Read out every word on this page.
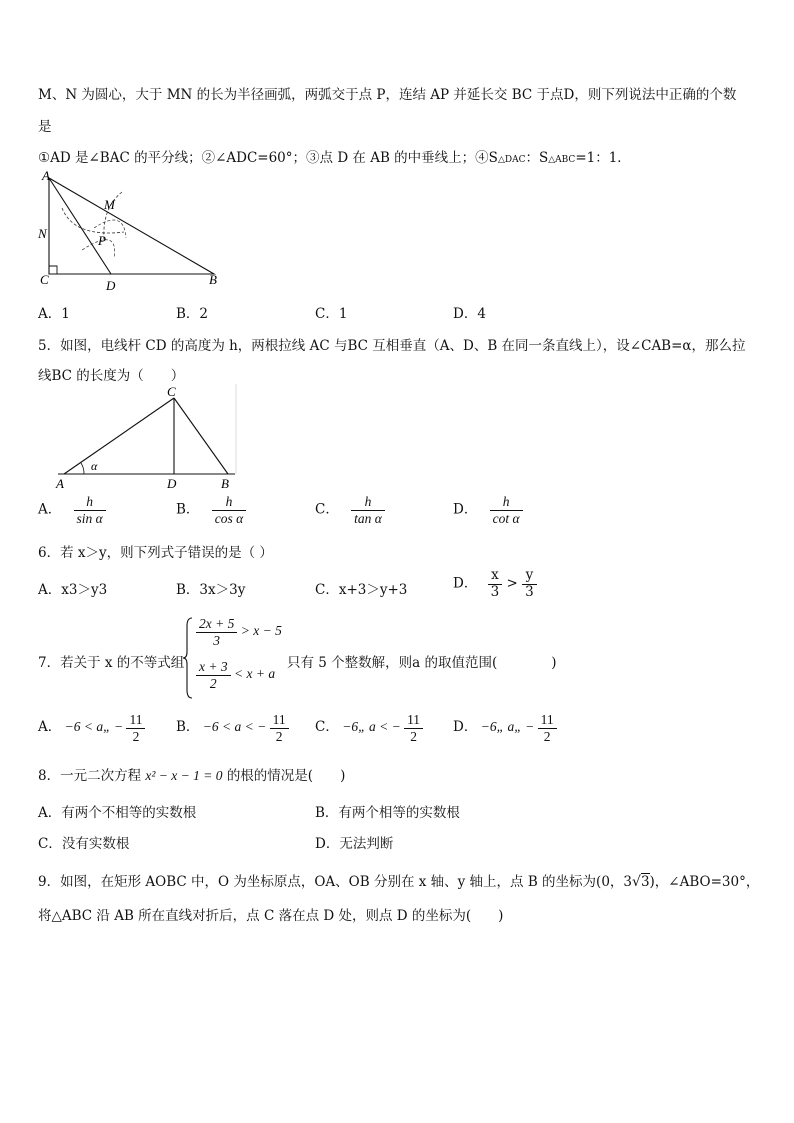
M、N 为圆心，大于 MN 的长为半径画弧，两弧交于点 P，连结 AP 并延长交 BC 于点D，则下列说法中正确的个数
是
①AD 是∠BAC 的平分线；②∠ADC=60°；③点 D 在 AB 的中垂线上；④S△DAC：S△ABC=1：1．
A
M
N	P
C	D	B
A．1	B．2	C．1	D．4
5．如图，电线杆 CD 的高度为 h，两根拉线 AC 与BC 互相垂直（A、D、B 在同一条直线上），设∠CAB=α，那么拉
线BC 的长度为（　　）
C
A	D	B
α
A． $\frac{h}{\text{sin α}}$	B． $\frac{h}{\text{cos α}}$	C． $\frac{h}{\text{tan α}}$	D． $\frac{h}{\text{cot α}}$
6．若 x＞y，则下列式子错误的是（ ）
A．x3＞y3	B．3x＞3y	C．x+3＞y+3	D． $\frac{x}{3} > \frac{y}{3}$
7．若关于 x 的不等式组
$\frac{2x + 5}{3} > x - 5$
$\frac{x + 3}{2} < x + a$
只有 5 个整数解，则a 的取值范围(　　　　)
A． −6 < a„ − $\frac{11}{2}$ B． −6 < a < − $\frac{11}{2}$ C． −6„ a < − $\frac{11}{2}$ D． −6„ a„ − $\frac{11}{2}$
8．一元二次方程 x² − x − 1 = 0 的根的情况是(　　)
A．有两个不相等的实数根	B．有两个相等的实数根
C．没有实数根	D．无法判断
9．如图，在矩形 AOBC 中，O 为坐标原点，OA、OB 分别在 x 轴、y 轴上，点 B 的坐标为(0，3√3)，∠ABO=30°，
将△ABC 沿 AB 所在直线对折后，点 C 落在点 D 处，则点 D 的坐标为(　　)
